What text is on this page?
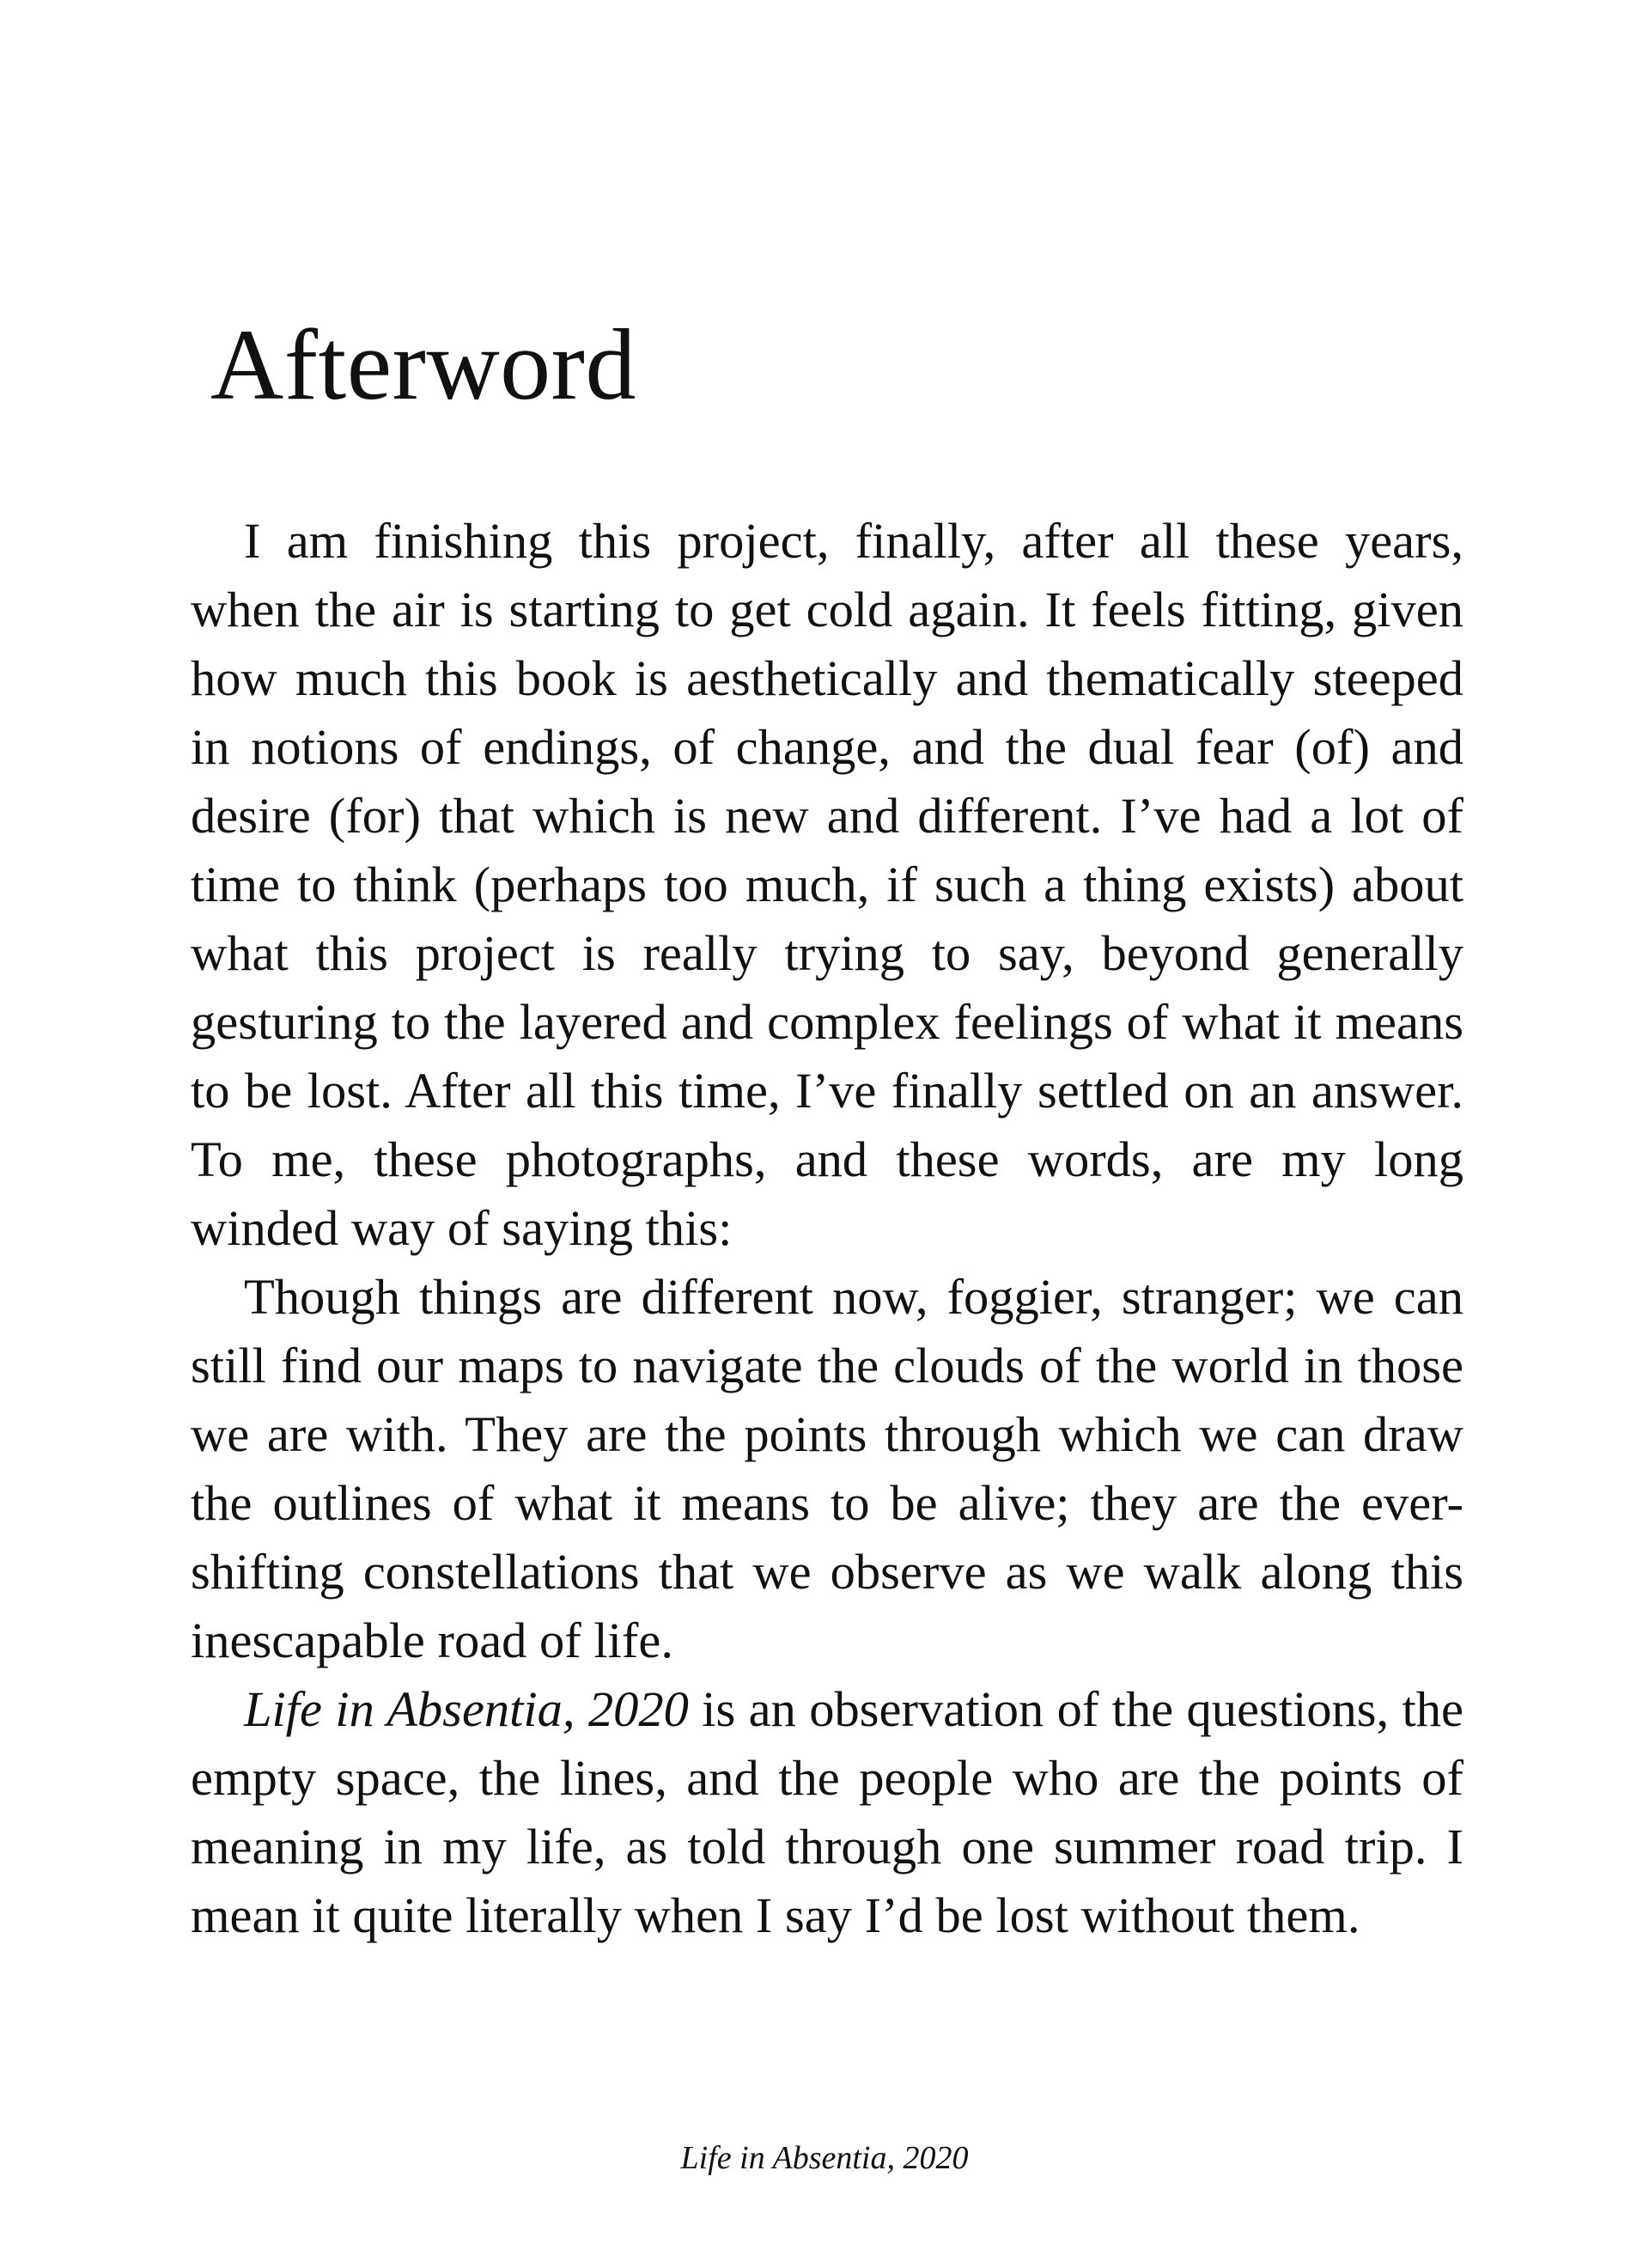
Afterword

I am finishing this project, finally, after all these years, when the air is starting to get cold again. It feels fitting, given how much this book is aesthetically and thematically steeped in notions of endings, of change, and the dual fear (of) and desire (for) that which is new and different. I’ve had a lot of time to think (perhaps too much, if such a thing exists) about what this project is really trying to say, beyond generally gesturing to the layered and complex feelings of what it means to be lost. After all this time, I’ve finally settled on an answer. To me, these photographs, and these words, are my long winded way of saying this:

Though things are different now, foggier, stranger; we can still find our maps to navigate the clouds of the world in those we are with. They are the points through which we can draw the outlines of what it means to be alive; they are the ever-shifting constellations that we observe as we walk along this inescapable road of life.

Life in Absentia, 2020 is an observation of the questions, the empty space, the lines, and the people who are the points of meaning in my life, as told through one summer road trip. I mean it quite literally when I say I’d be lost without them.

Life in Absentia, 2020
